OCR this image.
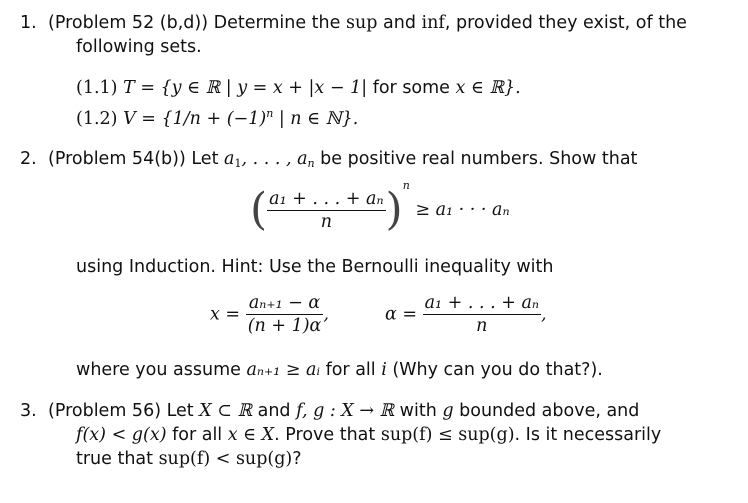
1. (Problem 52 (b,d)) Determine the sup and inf, provided they exist, of the
following sets.
(1.1) T = {y ∈ ℝ | y = x + |x − 1| for some x ∈ ℝ}.
(1.2) $V = \{1/n + (-1)^n$ | n ∈ ℕ}.
2. (Problem 54(b)) Let $a_1$, . . . , $a_n$ be positive real numbers. Show that
( $\frac{\text{a₁ + . . . + aₙ}}{n} )^n \ge a_1$ · · · aₙ
using Induction. Hint: Use the Bernoulli inequality with
$x = \frac{\text{aₙ₊₁ − α}}{(n + 1)\alpha}$ ,	$\alpha = \frac{\text{a₁ + . . . + aₙ}}{n}$ ,
where you assume aₙ₊₁ ≥ aᵢ for all i (Why can you do that?).
3. (Problem 56) Let X ⊂ ℝ and f, g : X → ℝ with g bounded above, and
f(x) < g(x) for all x ∈ X. Prove that sup(f) ≤ sup(g). Is it necessarily
true that sup(f) < sup(g)?
